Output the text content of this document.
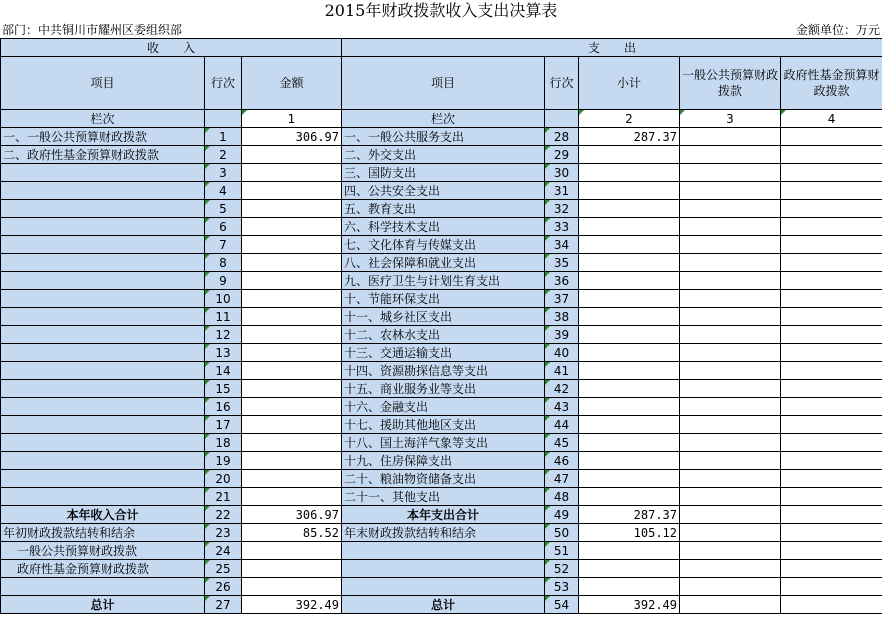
2015年财政拨款收入支出决算表
部门：中共铜川市耀州区委组织部	金额单位：万元
收　　入			支　　出				
项目	行次	金额	项目	行次	小计	一般公共预算财政拨款	政府性基金预算财政拨款
栏次		1	栏次		2	3	4
一、一般公共预算财政拨款	1	306.97	一、一般公共服务支出	28	287.37		
二、政府性基金预算财政拨款	2		二、外交支出	29			
	3		三、国防支出	30			
	4		四、公共安全支出	31			
	5		五、教育支出	32			
	6		六、科学技术支出	33			
	7		七、文化体育与传媒支出	34			
	8		八、社会保障和就业支出	35			
	9		九、医疗卫生与计划生育支出	36			
	10		十、节能环保支出	37			
	11		十一、城乡社区支出	38			
	12		十二、农林水支出	39			
	13		十三、交通运输支出	40			
	14		十四、资源勘探信息等支出	41			
	15		十五、商业服务业等支出	42			
	16		十六、金融支出	43			
	17		十七、援助其他地区支出	44			
	18		十八、国土海洋气象等支出	45			
	19		十九、住房保障支出	46			
	20		二十、粮油物资储备支出	47			
	21		二十一、其他支出	48			
本年收入合计	22	306.97	本年支出合计	49	287.37		
年初财政拨款结转和结余	23	85.52	年末财政拨款结转和结余	50	105.12		
一般公共预算财政拨款	24			51			
政府性基金预算财政拨款	25			52			
	26			53			
总计	27	392.49	总计	54	392.49		
